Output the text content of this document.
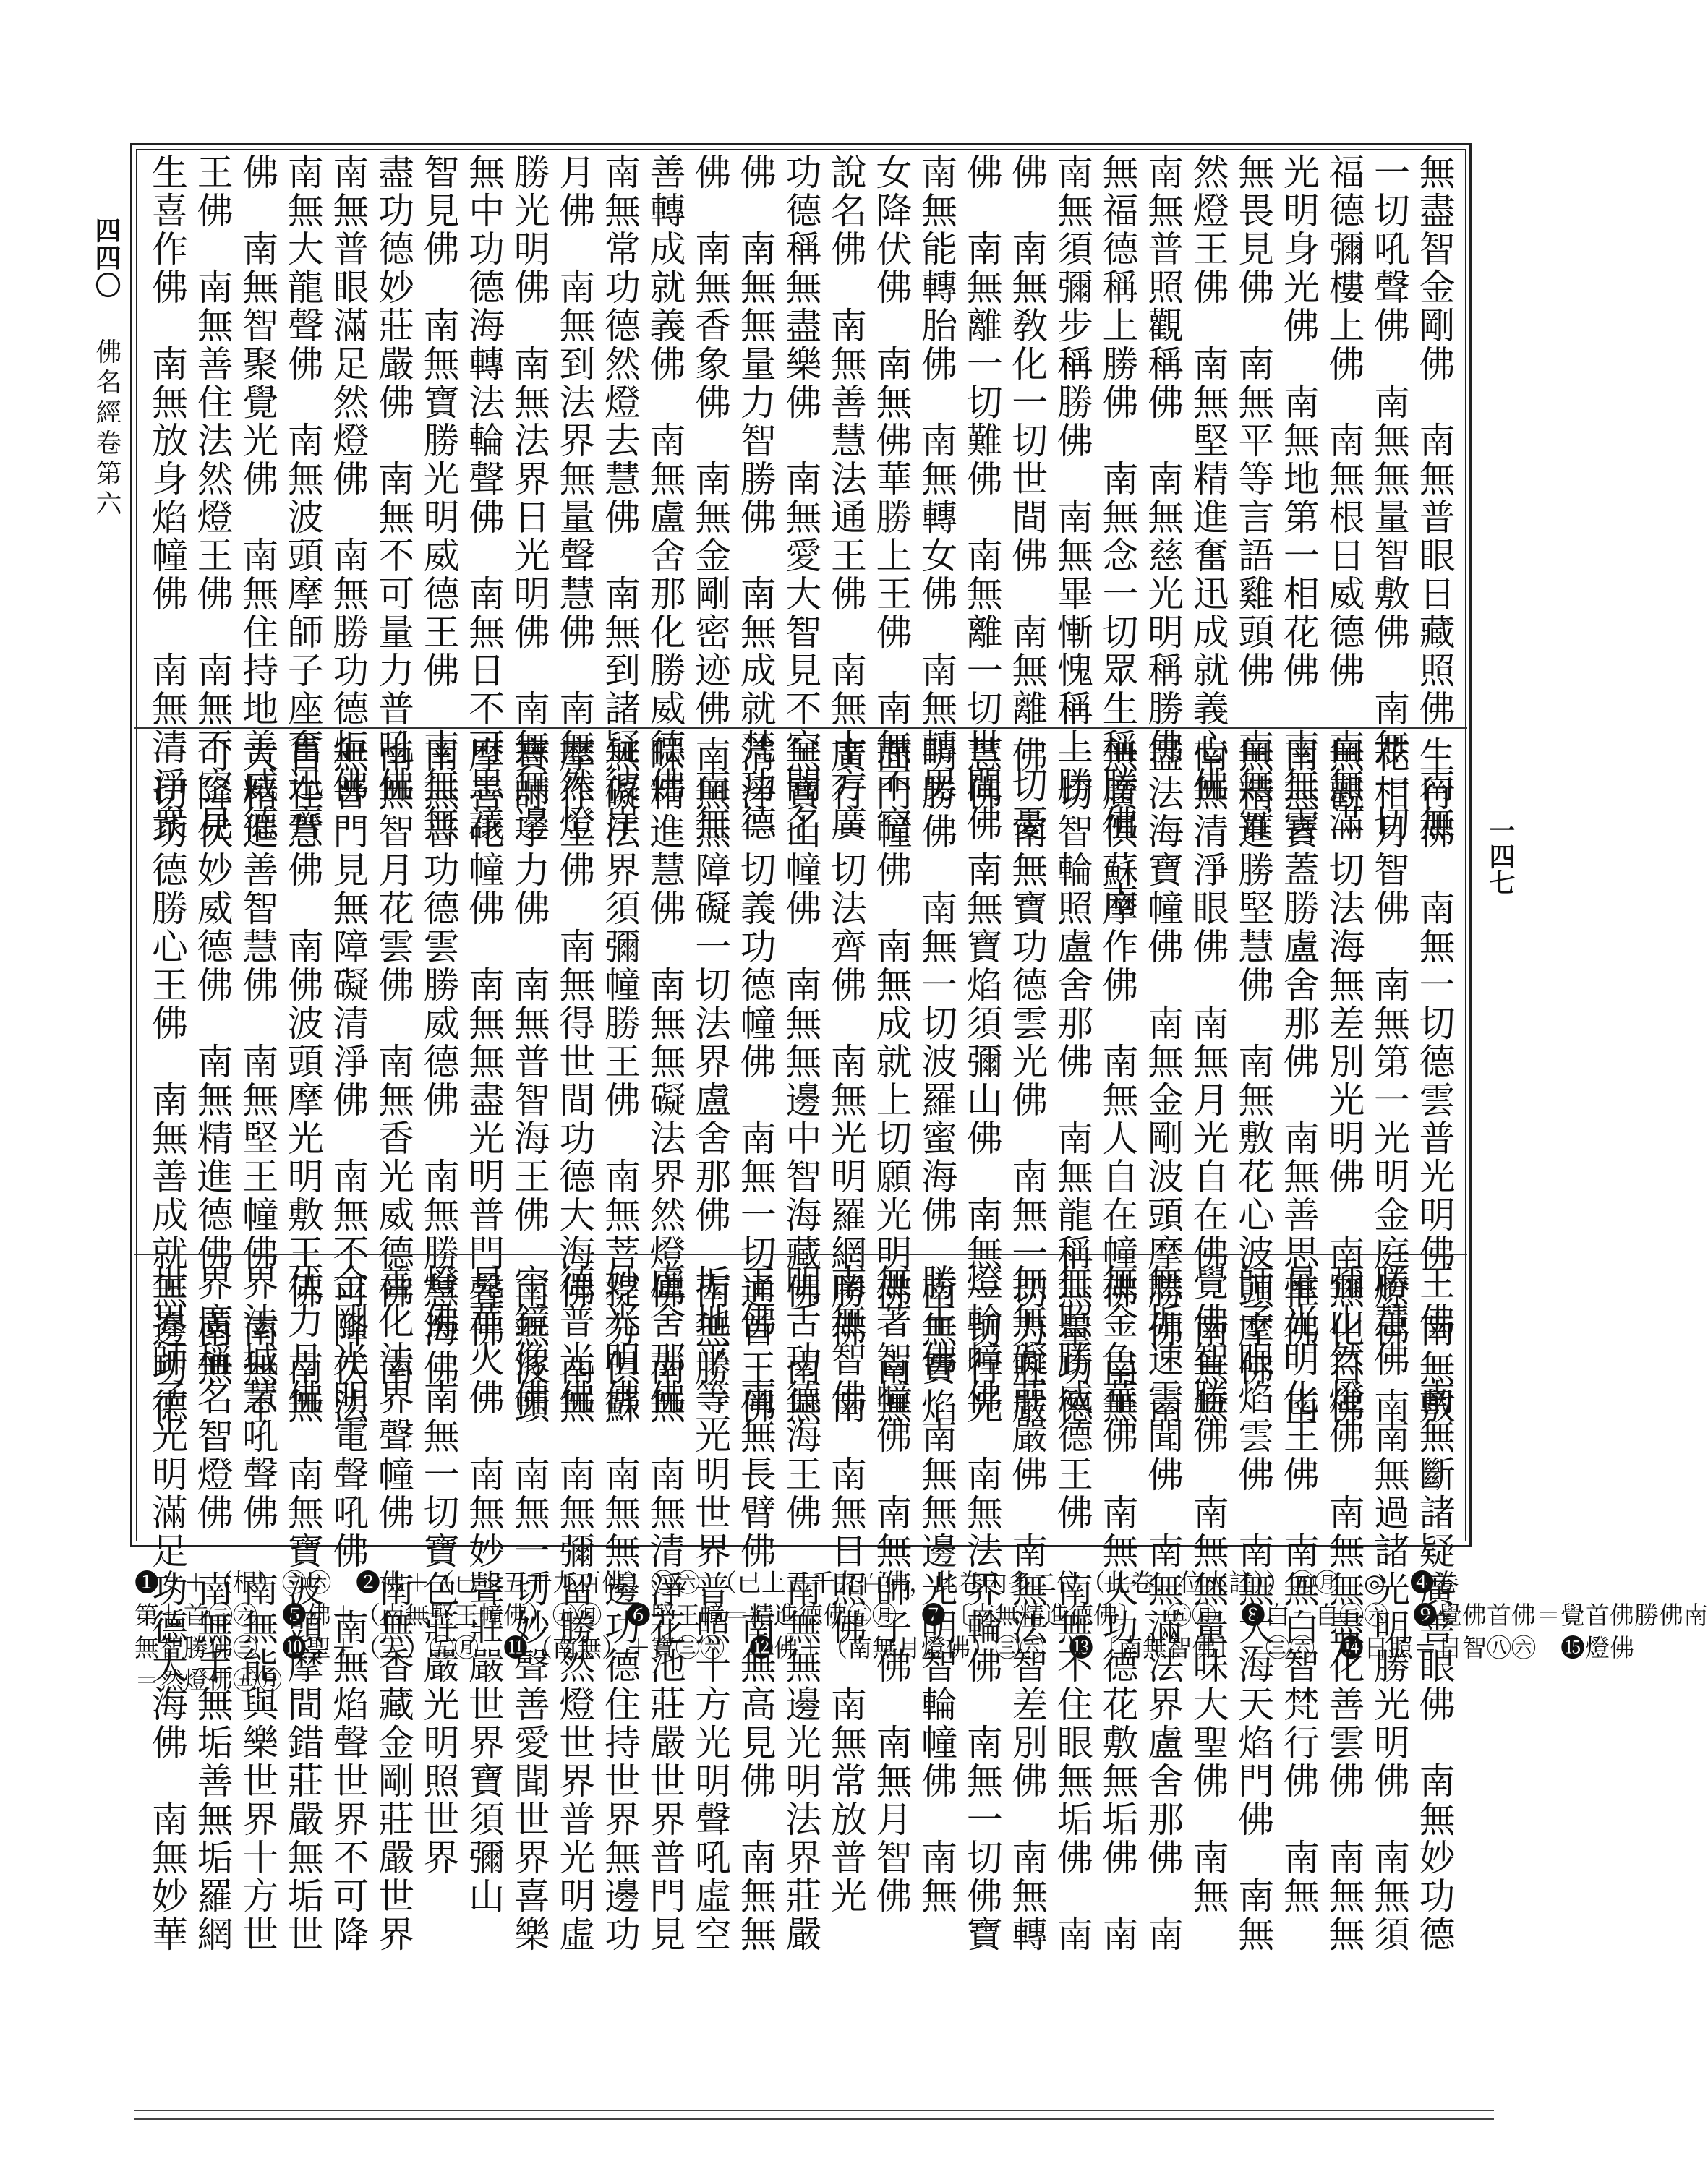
四四〇 佛名經卷第六
一四七
無盡智金剛佛　南無普眼日藏照佛　南無
一切吼聲佛　南無無量智敷佛　南無一切
福德彌樓上佛　南無根日威德佛　南無滿
光明身光佛　南無地第一相花佛　南無雲
無畏見佛　南無平等言語雞頭佛　南無實
然燈王佛　南無堅精進奮迅成就義心佛
南無普照觀稱佛　南無慈光明稱勝佛
無福德稱上勝佛　南無念一切眾生稱勝佛　南
南無須彌步稱勝佛　南無畢慚愧稱上勝
佛　南無敎化一切世間佛　南無離一切憂
佛　南無離一切難佛　南無離一切世間佛
南無能轉胎佛　南無轉女佛　南無轉男
女降伏佛　南無佛華勝上王佛　南無不空
說名佛　南無善慧法通王佛　南無十方廣
功德稱無盡樂佛　南無愛大智見不空聞名
佛　南無無量力智勝佛　南無成就梵功德
佛　南無香象佛　南無金剛密迹佛　南無
善轉成就義佛　南無盧舍那化勝威德佛
南無常功德然燈去慧佛　南無到諸疑彼岸
月佛　南無到法界無量聲慧佛　南無然燈
勝光明佛　南無法界日光明佛　南無無邊
無中功德海轉法輪聲佛　南無日不可思議
智見佛　南無寶勝光明威德王佛　南無無
盡功德妙莊嚴佛　南無不可量力普吼佛
南無普眼滿足然燈佛　南無勝功德炬佛
南無大龍聲佛　南無波頭摩師子座奮迅齊
佛　南無智聚覺光佛　南無住持地善威德
王佛　南無善住法然燈王佛　南無不空見
生喜作佛　南無放身焰幢佛　南無清淨衆
生行佛　南無一切德雲普光明佛　南無敷
花相月智佛　南無第一光明金庭燎佛　南
無觀一切法海無差別光明佛　南無化日佛
南無寶蓋勝盧舍那佛　南無善思惟佛　南
無精進勝堅慧佛　南無敷花心波頭摩佛
南無清淨眼佛　南無月光自在佛　南無無
盡法海寶幢佛　南無金剛波頭摩勝佛　南
無廣俱蘇摩作佛　南無人自在幢佛　南無
一切智輪照盧舍那佛　南無龍稱無量功德
佛　南無寶功德雲光佛　南無一切力莊嚴
慧佛　南無寶焰須彌山佛　南無一切行光
明勝佛　南無一切波羅蜜海佛　南無寶焰
面門幢佛　南無成就上切願光明佛　南無
廣行一切法齊佛　南無光明羅網勝佛　南
無寶山幢佛　南無無邊中智海藏佛　南無
清淨一切義功德幢佛　南無一切通首王佛
南無無障礙一切法界盧舍那佛　南無勝三
昧精進慧佛　南無無礙法界然燈佛　南無
無礙法界須彌幢勝王佛　南無菩提分俱蘇
摩作王佛　南無得世間功德大海佛　南無
寶師子力佛　南無普智海王佛　南無波頭
摩善化幢佛　南無無盡光明普門聲佛
南無普功德雲勝威德佛　南無勝慧海佛
南無智月花雲佛　南無香光威德佛　南
無普門見無障礙清淨佛　南無不可降伏法
自在慧佛　南佛波頭摩光明敷王佛　南無
大精進善智慧佛　南無堅王幢佛　南無不
可降伏妙威德佛　南無精進德佛　南無
一切功德勝心王佛　南無善成就無邊功德
王佛　南無斷諸疑廣善眼佛　南無妙功德
勝慧佛　南無過諸光明勝光明佛　南無須
彌山然燈佛　南無無盡化善雲佛　南無無
量光明化王佛　南無白智梵行佛　南無
師子眼焰雲佛　南無大海天焰門佛　南無
覺佛智勝佛　南無無量味大聖佛　南無
無垢速雲聞佛　南無滿法界盧舍那佛　南
無金色華佛　南無大功德花敷無垢佛　南
無照勝威德王佛　南無不住眼無垢佛　南
無無礙莊嚴佛　南無法智差別佛　南無轉
燈輪幢佛　南無法界輪佛　南無一切佛寶
勝王佛　南無無邊光明智輪幢佛　南無
無著智幢佛　南無師子佛　南無月智佛
南無智佛　南無日照佛　南無常放普光
明舌功德海王佛　南無無邊光明法界莊嚴
王佛　南無長臂佛　南無高見佛　南無無
垢地平等光明世界普照十方光明聲吼虛空
盧舍那佛　南無清淨花池莊嚴世界普門見
妙光明佛　南無無邊功德住持世界無邊功
德普光佛　南無彌留勝然燈世界普光明虛
空鏡像佛　南無一切妙聲善愛聞世界喜樂
見華火佛　南無妙聲莊嚴世界寶須彌山
燈佛　南無一切寶色莊嚴光明照世界
善化法界聲幢佛　南無香藏金剛莊嚴世界
金剛光明電聲吼佛　南無焰聲世界不可降
伏力月佛　南無寶波頭摩間錯莊嚴無垢世
界法城慧吼聲佛　南無能與樂世界十方世
界廣稱名智燈佛　南無手無垢善無垢羅網
世界師子光明滿足功德大海佛　南無妙華

❶女＋（根）㊂㊅　❷佛＋（已上五千九百佛）㊇㊅，（已上五千九百佛，此卷內多二位（此卷…位夾註））㊄㊊　◎　❹卷

第七首㊂㊅　❺佛＋（南無堅王幢佛）㊄㊊　❻堅王幢＝精進德佛㊄㊊　❼〔南無精進德佛〕－㊄㊊　❽白＝自㊂㊅　❾覺佛首佛＝覺首佛勝佛南

無智勝佛㊂　❿聖＋（天）㊄㊊　⓫（南無）＋寶㊂㊅　⓬佛＋（南無月燈佛）㊂㊅　⓭〔南無智佛〕－㊂㊅　⓮日照＝日智㊇㊅　⓯燈佛

＝然燈佛㊄㊊
